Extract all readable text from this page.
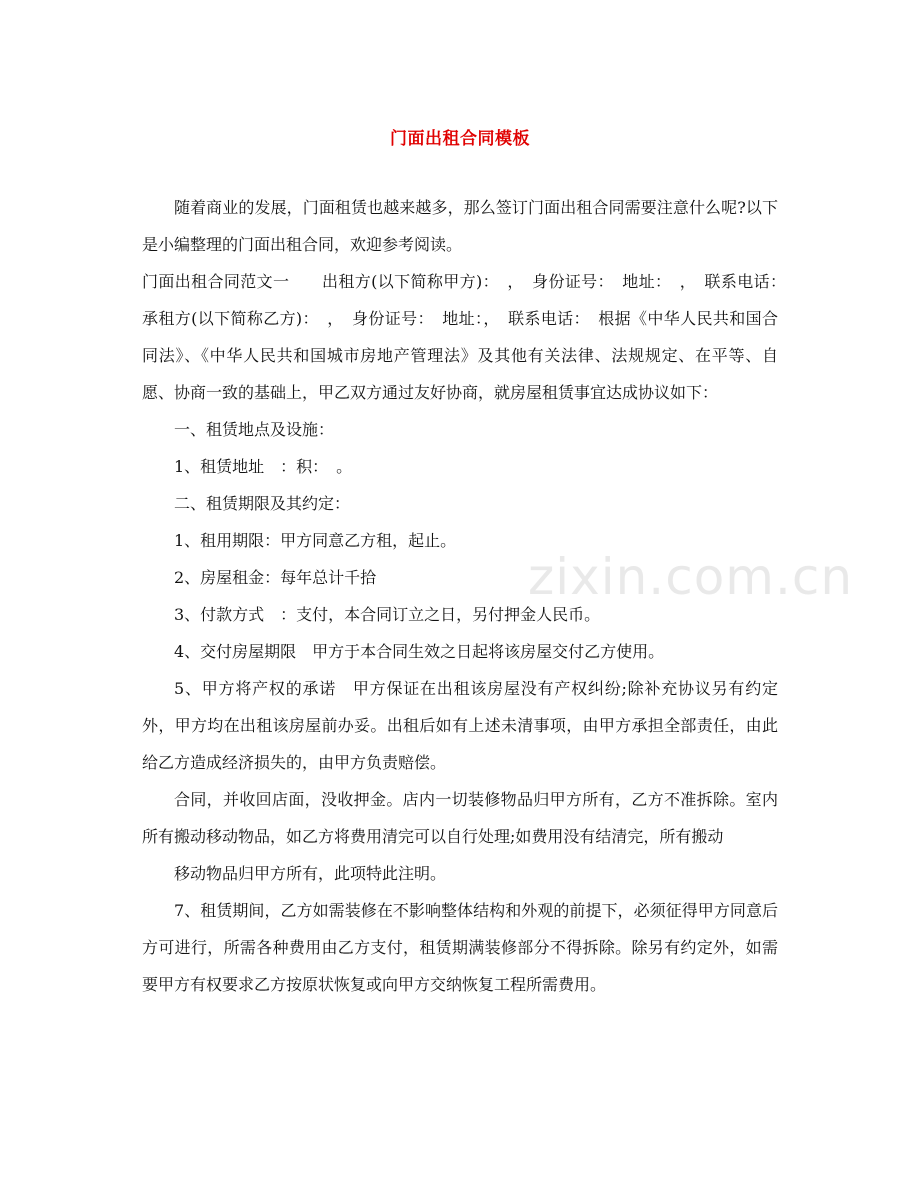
门面出租合同模板

随着商业的发展，门面租赁也越来越多，那么签订门面出租合同需要注意什么呢?以下是小编整理的门面出租合同，欢迎参考阅读。

门面出租合同范文一　　出租方(以下简称甲方)：　，　身份证号：　地址：　，　联系电话：　承租方(以下简称乙方)：　，　身份证号：　地址：，　联系电话：　根据《中华人民共和国合同法》、《中华人民共和国城市房地产管理法》及其他有关法律、法规规定、在平等、自愿、协商一致的基础上，甲乙双方通过友好协商，就房屋租赁事宜达成协议如下：

一、租赁地点及设施：

1、租赁地址　：积：　。

二、租赁期限及其约定：

1、租用期限：甲方同意乙方租，起止。

2、房屋租金：每年总计千拾

3、付款方式　：支付，本合同订立之日，另付押金人民币。

4、交付房屋期限　甲方于本合同生效之日起将该房屋交付乙方使用。

5、甲方将产权的承诺　甲方保证在出租该房屋没有产权纠纷;除补充协议另有约定外，甲方均在出租该房屋前办妥。出租后如有上述未清事项，由甲方承担全部责任，由此给乙方造成经济损失的，由甲方负责赔偿。

合同，并收回店面，没收押金。店内一切装修物品归甲方所有，乙方不准拆除。室内所有搬动移动物品，如乙方将费用清完可以自行处理;如费用没有结清完，所有搬动

移动物品归甲方所有，此项特此注明。

7、租赁期间，乙方如需装修在不影响整体结构和外观的前提下，必须征得甲方同意后方可进行，所需各种费用由乙方支付，租赁期满装修部分不得拆除。除另有约定外，如需要甲方有权要求乙方按原状恢复或向甲方交纳恢复工程所需费用。

zixin.com.cn
